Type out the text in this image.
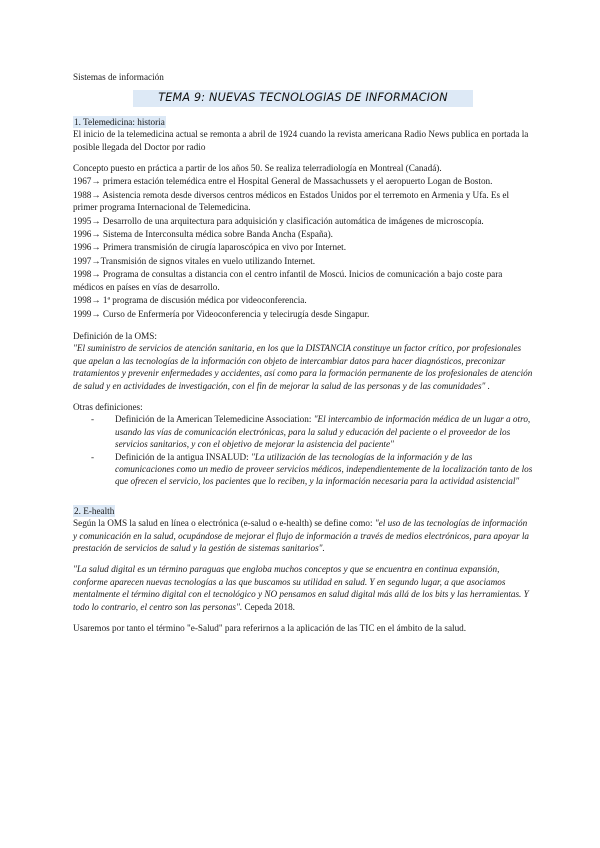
Sistemas de información

TEMA 9: NUEVAS TECNOLOGIAS DE INFORMACION
1. Telemedicina: historia

El inicio de la telemedicina actual se remonta a abril de 1924 cuando la revista americana Radio News publica en portada la posible llegada del Doctor por radio

Concepto puesto en práctica a partir de los años 50. Se realiza telerradiología en Montreal (Canadá).

1967→ primera estación telemédica entre el Hospital General de Massachussets y el aeropuerto Logan de Boston.

1988→ Asistencia remota desde diversos centros médicos en Estados Unidos por el terremoto en Armenia y Ufa. Es el primer programa Internacional de Telemedicina.

1995→ Desarrollo de una arquitectura para adquisición y clasificación automática de imágenes de microscopía.

1996→ Sistema de Interconsulta médica sobre Banda Ancha (España).

1996→ Primera transmisión de cirugía laparoscópica en vivo por Internet.

1997→Transmisión de signos vitales en vuelo utilizando Internet.

1998→ Programa de consultas a distancia con el centro infantil de Moscú. Inicios de comunicación a bajo coste para médicos en países en vías de desarrollo.

1998→ 1ª programa de discusión médica por videoconferencia.

1999→ Curso de Enfermería por Videoconferencia y telecirugía desde Singapur.

Definición de la OMS:

"El suministro de servicios de atención sanitaria, en los que la DISTANCIA constituye un factor crítico, por profesionales que apelan a las tecnologías de la información con objeto de intercambiar datos para hacer diagnósticos, preconizar tratamientos y prevenir enfermedades y accidentes, así como para la formación permanente de los profesionales de atención de salud y en actividades de investigación, con el fin de mejorar la salud de las personas y de las comunidades" .

Otras definiciones:

- Definición de la American Telemedicine Association: "El intercambio de información médica de un lugar a otro, usando las vías de comunicación electrónicas, para la salud y educación del paciente o el proveedor de los servicios sanitarios, y con el objetivo de mejorar la asistencia del paciente"
- Definición de la antigua INSALUD: "La utilización de las tecnologías de la información y de las comunicaciones como un medio de proveer servicios médicos, independientemente de la localización tanto de los que ofrecen el servicio, los pacientes que lo reciben, y la información necesaria para la actividad asistencial"
2. E-health

Según la OMS la salud en línea o electrónica (e-salud o e-health) se define como: "el uso de las tecnologías de información y comunicación en la salud, ocupándose de mejorar el flujo de información a través de medios electrónicos, para apoyar la prestación de servicios de salud y la gestión de sistemas sanitarios".

"La salud digital es un término paraguas que engloba muchos conceptos y que se encuentra en continua expansión, conforme aparecen nuevas tecnologías a las que buscamos su utilidad en salud. Y en segundo lugar, a que asociamos mentalmente el término digital con el tecnológico y NO pensamos en salud digital más allá de los bits y las herramientas. Y todo lo contrario, el centro son las personas". Cepeda 2018.

Usaremos por tanto el término "e-Salud" para referirnos a la aplicación de las TIC en el ámbito de la salud.
